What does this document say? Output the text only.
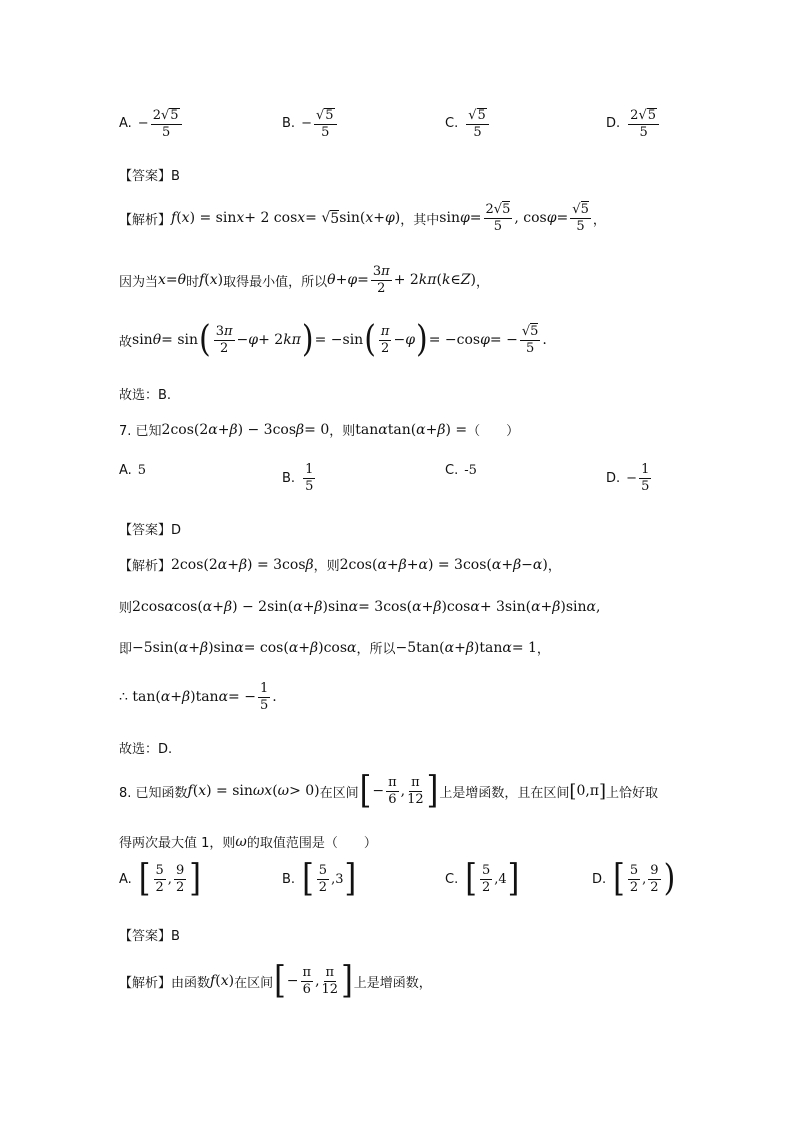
A. − $\frac{2√ 5}{5}$	B. − $\frac{√ 5}{5}$	C. $\frac{√ 5}{5}$	D. $\frac{2√ 5}{5}$
【答案】B
【解析】 f ( x ) = sin x + 2 cos x = √ 5 sin( x + φ ) ，其中 $\sin \varphi = \frac{2√5}{5}$ , $\cos \varphi = \frac{√5}{5}$ ，
因为当 x = θ 时 f ( x ) 取得最小值，所以 $\theta + \varphi = \frac{3\pi}{2} + 2$ kπ ( k∈Z ) ，
故 sin θ = sin ( $\frac{3\pi}{2} - \varphi + 2$ kπ ) = −sin ( $\frac{\pi}{2} - \varphi$ ) = −cos φ = − $\frac{√5}{5}$ .
故选：B.
7. 已知 2cos(2 α + β ) − 3cos β = 0 ，则 tan α tan( α + β ) = （　　）
A. 5
B. $\frac{1}{5}$	C. -5
D. − $\frac{1}{5}$
【答案】D
【解析】 2cos(2 α + β ) = 3cos β ，则 2cos( α + β + α ) = 3cos( α + β − α ) ，
则 2cos α cos( α + β ) − 2sin( α + β )sin α = 3cos( α + β )cos α + 3sin( α + β )sin α ,
即 −5sin( α + β )sin α = cos( α + β )cos α ，所以 −5tan( α + β )tan α = 1 ，
∴ tan( α + β )tan α = − $\frac{1}{5}$ .
故选：D.
8. 已知函数 f ( x ) = sin ωx ( ω > 0) 在区间 [ − $\frac{\pi}{6}$ , $\frac{\pi}{12}$ ] 上是增函数，且在区间 [ 0,π ] 上恰好取
得两次最大值 1，则 ω 的取值范围是（　　）
A. [ $\frac{5}{2}$ , $\frac{9}{2}$ ]	B. [ $\frac{5}{2} ,3$ ]	C. [ $\frac{5}{2} ,4$ ]	D. [ $\frac{5}{2}$ , $\frac{9}{2}$ )
【答案】B
【解析】 由函数 f ( x ) 在区间 [ − $\frac{\pi}{6}$ , $\frac{\pi}{12}$ ] 上是增函数，
